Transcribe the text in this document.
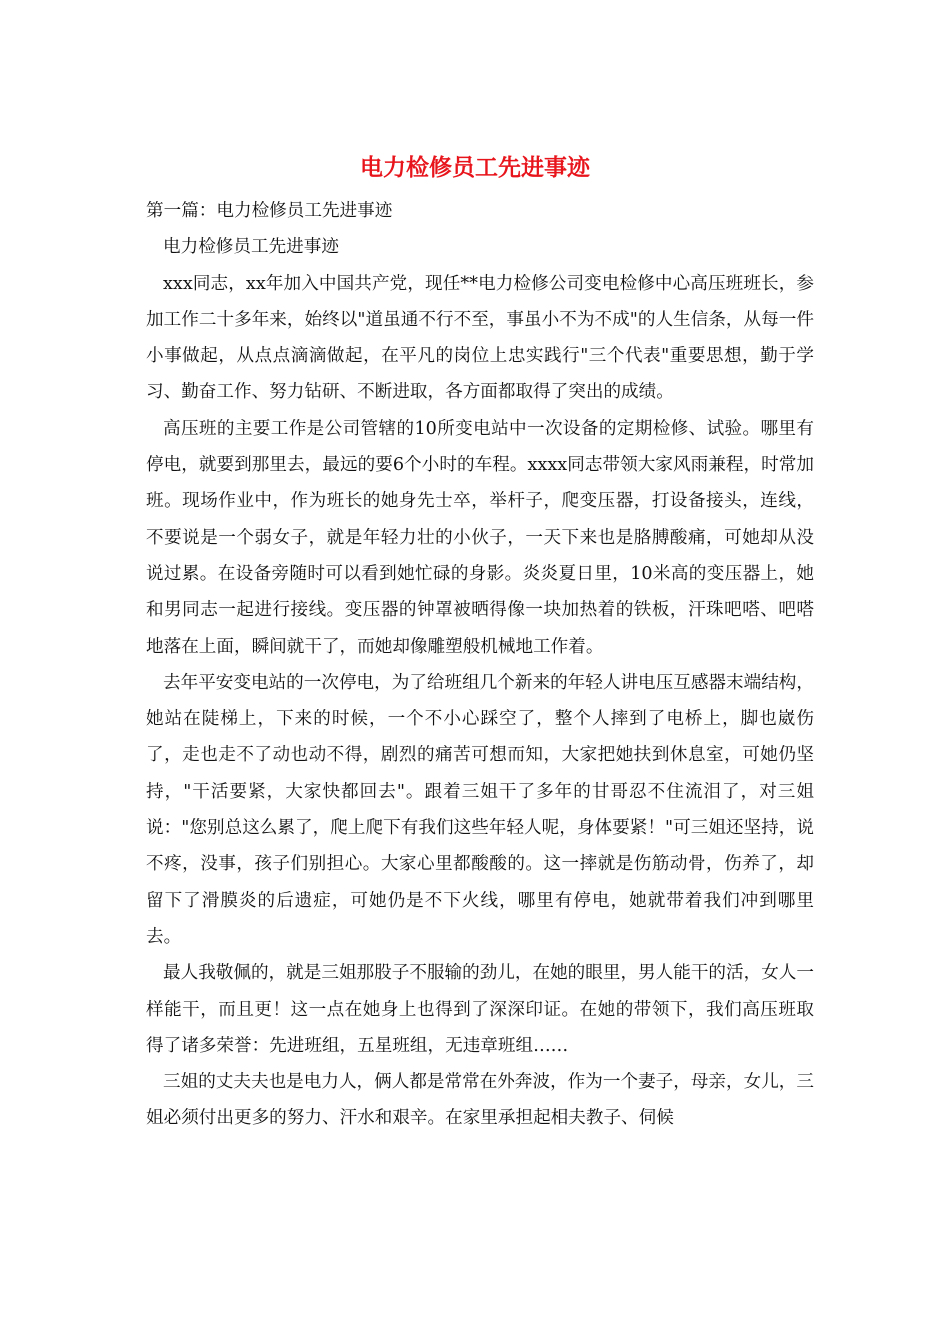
电力检修员工先进事迹

第一篇：电力检修员工先进事迹

电力检修员工先进事迹

xxx同志，xx年加入中国共产党，现任**电力检修公司变电检修中心高压班班长，参加工作二十多年来，始终以"道虽通不行不至，事虽小不为不成"的人生信条，从每一件小事做起，从点点滴滴做起，在平凡的岗位上忠实践行"三个代表"重要思想，勤于学习、勤奋工作、努力钻研、不断进取，各方面都取得了突出的成绩。

高压班的主要工作是公司管辖的10所变电站中一次设备的定期检修、试验。哪里有停电，就要到那里去，最远的要6个小时的车程。xxxx同志带领大家风雨兼程，时常加班。现场作业中，作为班长的她身先士卒，举杆子，爬变压器，打设备接头，连线，不要说是一个弱女子，就是年轻力壮的小伙子，一天下来也是胳膊酸痛，可她却从没说过累。在设备旁随时可以看到她忙碌的身影。炎炎夏日里，10米高的变压器上，她和男同志一起进行接线。变压器的钟罩被晒得像一块加热着的铁板，汗珠吧嗒、吧嗒地落在上面，瞬间就干了，而她却像雕塑般机械地工作着。

去年平安变电站的一次停电，为了给班组几个新来的年轻人讲电压互感器末端结构，她站在陡梯上，下来的时候，一个不小心踩空了，整个人摔到了电桥上，脚也崴伤了，走也走不了动也动不得，剧烈的痛苦可想而知，大家把她扶到休息室，可她仍坚持，"干活要紧，大家快都回去"。跟着三姐干了多年的甘哥忍不住流泪了，对三姐说："您别总这么累了，爬上爬下有我们这些年轻人呢，身体要紧！"可三姐还坚持，说不疼，没事，孩子们别担心。大家心里都酸酸的。这一摔就是伤筋动骨，伤养了，却留下了滑膜炎的后遗症，可她仍是不下火线，哪里有停电，她就带着我们冲到哪里去。

最人我敬佩的，就是三姐那股子不服输的劲儿，在她的眼里，男人能干的活，女人一样能干，而且更！这一点在她身上也得到了深深印证。在她的带领下，我们高压班取得了诸多荣誉：先进班组，五星班组，无违章班组……

三姐的丈夫夫也是电力人，俩人都是常常在外奔波，作为一个妻子，母亲，女儿，三姐必须付出更多的努力、汗水和艰辛。在家里承担起相夫教子、伺候
